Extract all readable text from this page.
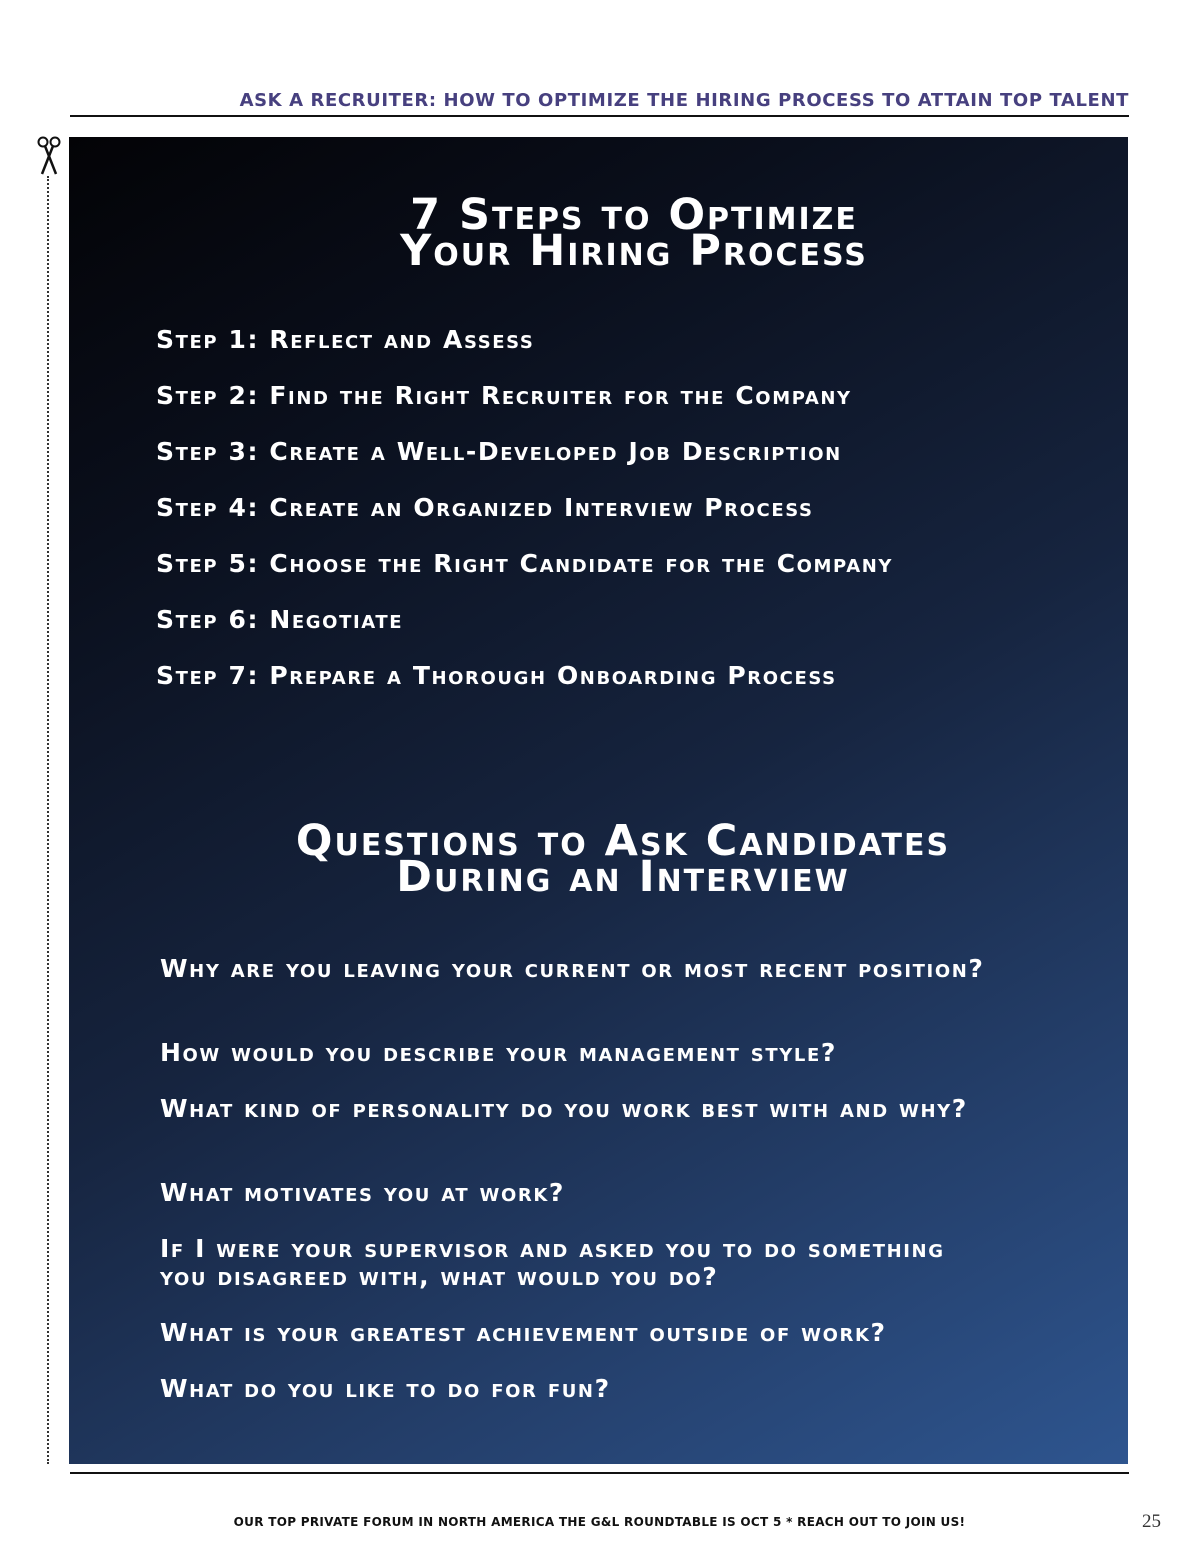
ASK A RECRUITER: HOW TO OPTIMIZE THE HIRING PROCESS TO ATTAIN TOP TALENT
7 Steps to Optimize
Your Hiring Process
Step 1: Reflect and Assess
Step 2: Find the Right Recruiter for the Company
Step 3: Create a Well-Developed Job Description
Step 4: Create an Organized Interview Process
Step 5: Choose the Right Candidate for the Company
Step 6: Negotiate
Step 7: Prepare a Thorough Onboarding Process
Questions to Ask Candidates
During an Interview
Why are you leaving your current or most recent position?
How would you describe your management style?
What kind of personality do you work best with and why?
What motivates you at work?
If I were your supervisor and asked you to do something you disagreed with, what would you do?
What is your greatest achievement outside of work?
What do you like to do for fun?
OUR TOP PRIVATE FORUM IN NORTH AMERICA THE G&L ROUNDTABLE IS OCT 5 * REACH OUT TO JOIN US!	25
